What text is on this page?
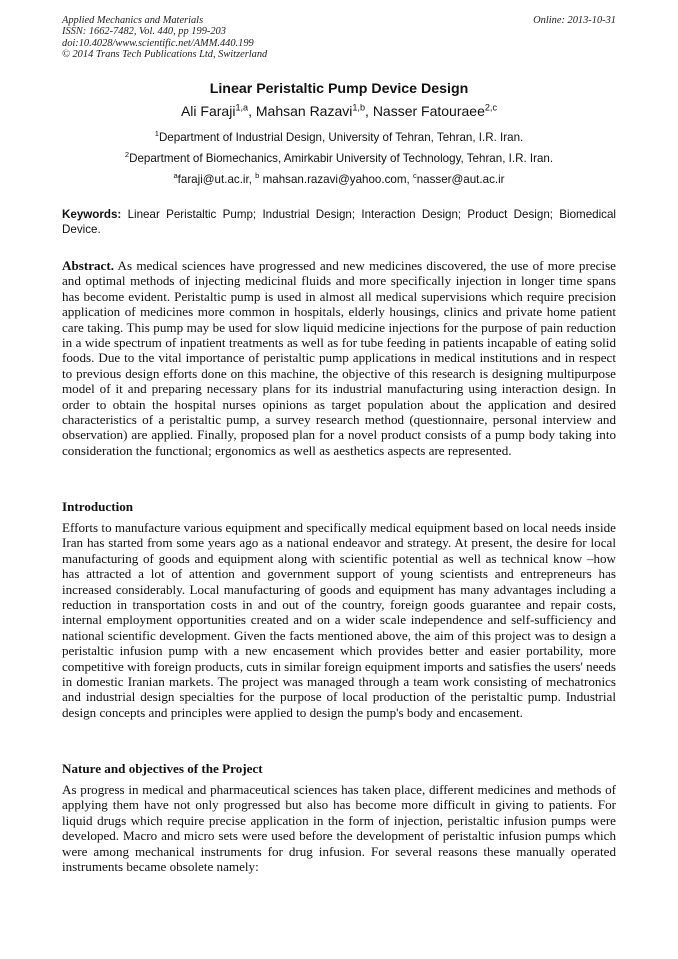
Applied Mechanics and Materials
ISSN: 1662-7482, Vol. 440, pp 199-203
doi:10.4028/www.scientific.net/AMM.440.199
© 2014 Trans Tech Publications Ltd, Switzerland
Online: 2013-10-31
Linear Peristaltic Pump Device Design
Ali Faraji$^{1,a}$, Mahsan Razavi$^{1,b}$, Nasser Fatouraee$^{2,c}$
$^1$Department of Industrial Design, University of Tehran, Tehran, I.R. Iran.
$^2$Department of Biomechanics, Amirkabir University of Technology, Tehran, I.R. Iran.
$^a$faraji@ut.ac.ir, $^b$ mahsan.razavi@yahoo.com, $^c$nasser@aut.ac.ir
Keywords: Linear Peristaltic Pump; Industrial Design; Interaction Design; Product Design; Biomedical Device.
Abstract. As medical sciences have progressed and new medicines discovered, the use of more precise and optimal methods of injecting medicinal fluids and more specifically injection in longer time spans has become evident. Peristaltic pump is used in almost all medical supervisions which require precision application of medicines more common in hospitals, elderly housings, clinics and private home patient care taking. This pump may be used for slow liquid medicine injections for the purpose of pain reduction in a wide spectrum of inpatient treatments as well as for tube feeding in patients incapable of eating solid foods. Due to the vital importance of peristaltic pump applications in medical institutions and in respect to previous design efforts done on this machine, the objective of this research is designing multipurpose model of it and preparing necessary plans for its industrial manufacturing using interaction design. In order to obtain the hospital nurses opinions as target population about the application and desired characteristics of a peristaltic pump, a survey research method (questionnaire, personal interview and observation) are applied. Finally, proposed plan for a novel product consists of a pump body taking into consideration the functional; ergonomics as well as aesthetics aspects are represented.
Introduction
Efforts to manufacture various equipment and specifically medical equipment based on local needs inside Iran has started from some years ago as a national endeavor and strategy. At present, the desire for local manufacturing of goods and equipment along with scientific potential as well as technical know –how has attracted a lot of attention and government support of young scientists and entrepreneurs has increased considerably. Local manufacturing of goods and equipment has many advantages including a reduction in transportation costs in and out of the country, foreign goods guarantee and repair costs, internal employment opportunities created and on a wider scale independence and self-sufficiency and national scientific development. Given the facts mentioned above, the aim of this project was to design a peristaltic infusion pump with a new encasement which provides better and easier portability, more competitive with foreign products, cuts in similar foreign equipment imports and satisfies the users' needs in domestic Iranian markets. The project was managed through a team work consisting of mechatronics and industrial design specialties for the purpose of local production of the peristaltic pump. Industrial design concepts and principles were applied to design the pump's body and encasement.
Nature and objectives of the Project
As progress in medical and pharmaceutical sciences has taken place, different medicines and methods of applying them have not only progressed but also has become more difficult in giving to patients. For liquid drugs which require precise application in the form of injection, peristaltic infusion pumps were developed. Macro and micro sets were used before the development of peristaltic infusion pumps which were among mechanical instruments for drug infusion. For several reasons these manually operated instruments became obsolete namely:
